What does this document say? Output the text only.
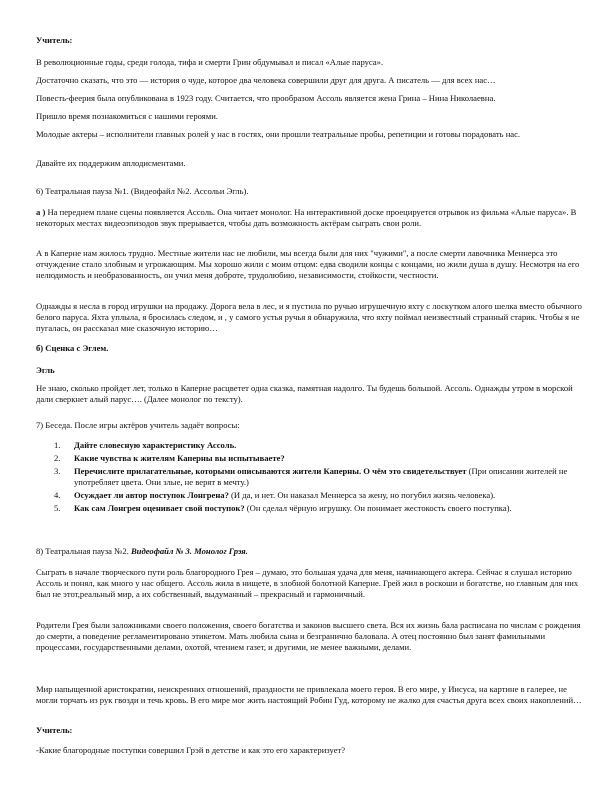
Учитель:

В революционные годы, среди голода, тифа и смерти Грин обдумывал и писал «Алые паруса».

Достаточно сказать, что это — история о чуде, которое два человека совершили друг для друга. А писатель — для всех нас…

Повесть-феерия была опубликована в 1923 году. Считается, что прообразом Ассоль является жена Грина – Нина Николаевна.

Пришло время познакомиться с нашими героями.

Молодые актеры – исполнители главных ролей у нас в гостях, они прошли театральные пробы, репетиции и готовы порадовать нас.

Давайте их поддержим аплодисментами.

6) Театральная пауза №1. (Видеофайл №2. Ассольи Эгль).

а ) На переднем плане сцены появляется Ассоль. Она читает монолог. На интерактивной доске проецируется отрывок из фильма «Алые паруса». В некоторых местах видеоэпизодов звук прерывается, чтобы дать возможность актёрам сыграть свои роли.

А в Каперне нам жилось трудно. Местные жители нас не любили, мы всегда были для них "чужими", а после смерти лавочника Меннерса это отчуждение стало злобным и угрожающим. Мы хорошо жили с моим отцом: едва сводили концы с концами, но жили душа в душу. Несмотря на его нелюдимость и необразованность, он учил меня доброте, трудолюбию, независимости, стойкости, честности.

Однажды я несла в город игрушки на продажу. Дорога вела в лес, и я пустила по ручью игрушечную яхту с лоскутком алого шелка вместо обычного белого паруса. Яхта уплыла, я бросилась следом, и , у самого устья ручья я обнаружила, что яхту поймал неизвестный странный старик. Чтобы я не пугалась, он рассказал мне сказочную историю…

б) Сценка с Эглем.

Эгль

Не знаю, сколько пройдет лет, только в Каперне расцветет одна сказка, памятная надолго. Ты будешь большой. Ассоль. Однажды утром в морской дали сверкнет алый парус…. (Далее монолог по тексту).

7) Беседа. После игры актёров учитель задаёт вопросы:

1. Дайте словесную характеристику Ассоль.
2. Какие чувства к жителям Каперны вы испытываете?
3. Перечислите прилагательные, которыми описываются жители Каперны. О чём это свидетельствует (При описании жителей не употребляет цвета. Они злые, не верят в мечту.)
4. Осуждает ли автор поступок Лонгрена? (И да, и нет. Он наказал Меннерса за жену, но погубил жизнь человека).
5. Как сам Лонгрен оценивает свой поступок? (Он сделал чёрную игрушку. Он понимает жестокость своего поступка).

8) Театральная пауза №2. Видеофайл № 3. Монолог Грэя.

Сыграть в начале творческого пути роль благородного Грея – думаю, это большая удача для меня, начинающего актера. Сейчас я слушал историю Ассоль и понял, как много у нас общего. Ассоль жила в нищете, в злобной болотной Каперне. Грей жил в роскоши и богатстве, но главным для них был не этот,реальный мир, а их собственный, выдуманный – прекрасный и гармоничный.

Родители Грея были заложниками своего положения, своего богатства и законов высшего света. Вся их жизнь бала расписана по числам с рождения до смерти, а поведение регламентировано этикетом. Мать любила сына и безгранично баловала. А отец постоянно был занят фамильными процессами, государственными делами, охотой, чтением газет, и другими, не менее важными, делами.

Мир напыщенной аристократии, неискренних отношений, праздности не привлекала моего героя. В его мире, у Иисуса, на картине в галерее, не могли торчать из рук гвозди и течь кровь. В его мире мог жить настоящий Робин Гуд, которому не жалко для счастья друга всех своих накоплений…

Учитель:

-Какие благородные поступки совершил Грэй в детстве и как это его характеризует?
